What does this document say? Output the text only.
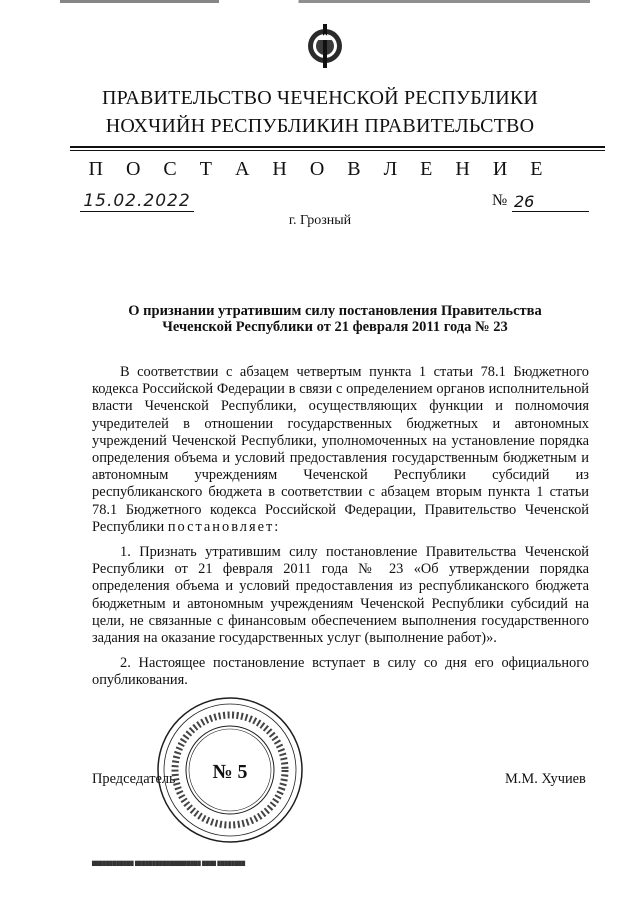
ПРАВИТЕЛЬСТВО ЧЕЧЕНСКОЙ РЕСПУБЛИКИ
НОХЧИЙН РЕСПУБЛИКИН ПРАВИТЕЛЬСТВО
П О С Т А Н О В Л Е Н И Е
15.02.2022	№ 26
г. Грозный
О признании утратившим силу постановления Правительства Чеченской Республики от 21 февраля 2011 года № 23

В соответствии с абзацем четвертым пункта 1 статьи 78.1 Бюджетного кодекса Российской Федерации в связи с определением органов исполнительной власти Чеченской Республики, осуществляющих функции и полномочия учредителей в отношении государственных бюджетных и автономных учреждений Чеченской Республики, уполномоченных на установление порядка определения объема и условий предоставления государственным бюджетным и автономным учреждениям Чеченской Республики субсидий из республиканского бюджета в соответствии с абзацем вторым пункта 1 статьи 78.1 Бюджетного кодекса Российской Федерации, Правительство Чеченской Республики постановляет:

1. Признать утратившим силу постановление Правительства Чеченской Республики от 21 февраля 2011 года № 23 «Об утверждении порядка определения объема и условий предоставления из республиканского бюджета бюджетным и автономным учреждениям Чеченской Республики субсидий на цели, не связанные с финансовым обеспечением выполнения государственного задания на оказание государственных услуг (выполнение работ)».

2. Настоящее постановление вступает в силу со дня его официального опубликования.

Председатель	М.М. Хучиев
№ 5
████████████ ███████████████████ ████ ████████
